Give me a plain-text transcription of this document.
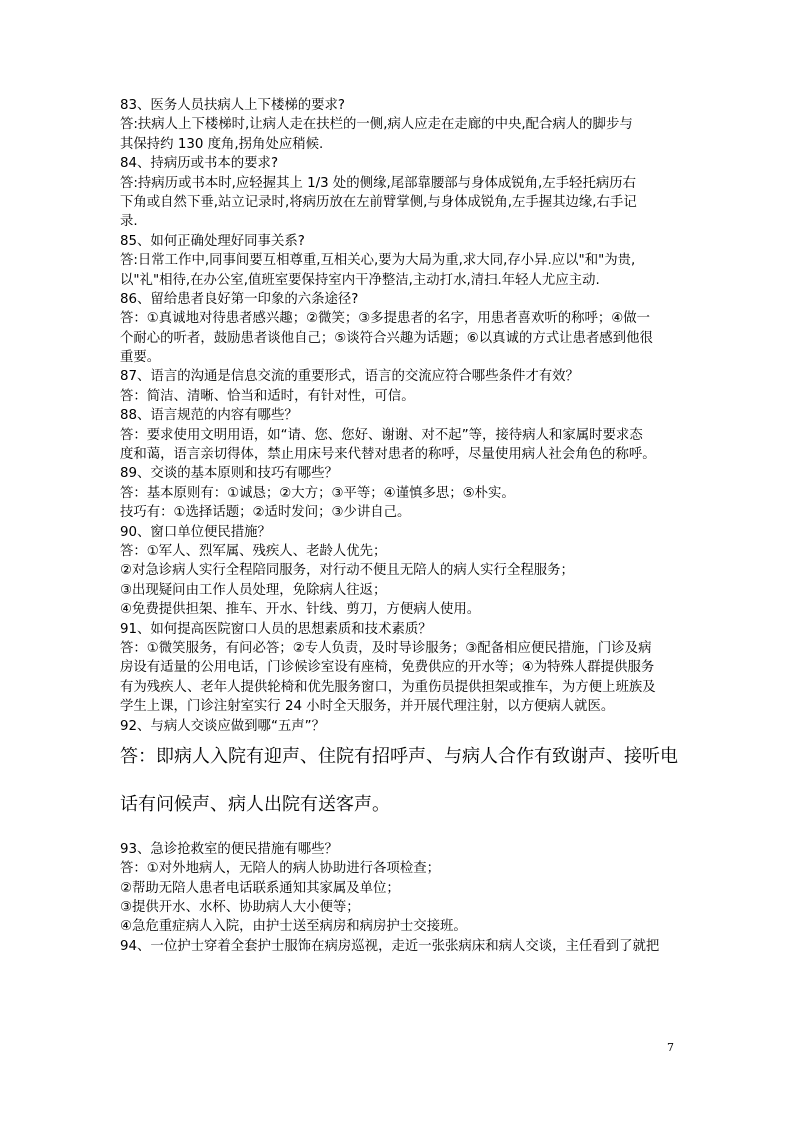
83、医务人员扶病人上下楼梯的要求?
答:扶病人上下楼梯时,让病人走在扶栏的一侧,病人应走在走廊的中央,配合病人的脚步与
其保持约 130 度角,拐角处应稍候.
84、持病历或书本的要求?
答:持病历或书本时,应轻握其上 1/3 处的侧缘,尾部靠腰部与身体成锐角,左手轻托病历右
下角或自然下垂,站立记录时,将病历放在左前臂掌侧,与身体成锐角,左手握其边缘,右手记
录.
85、如何正确处理好同事关系?
答:日常工作中,同事间要互相尊重,互相关心,要为大局为重,求大同,存小异.应以"和"为贵,
以"礼"相待,在办公室,值班室要保持室内干净整洁,主动打水,清扫.年轻人尤应主动.
86、留给患者良好第一印象的六条途径?
答：①真诚地对待患者感兴趣；②微笑；③多提患者的名字，用患者喜欢听的称呼；④做一
个耐心的听者，鼓励患者谈他自己；⑤谈符合兴趣为话题；⑥以真诚的方式让患者感到他很
重要。
87、语言的沟通是信息交流的重要形式，语言的交流应符合哪些条件才有效？
答：简洁、清晰、恰当和适时，有针对性，可信。
88、语言规范的内容有哪些？
答：要求使用文明用语，如“请、您、您好、谢谢、对不起”等，接待病人和家属时要求态
度和蔼，语言亲切得体，禁止用床号来代替对患者的称呼，尽量使用病人社会角色的称呼。
89、交谈的基本原则和技巧有哪些？
答：基本原则有：①诚恳；②大方；③平等；④谨慎多思；⑤朴实。
技巧有：①选择话题；②适时发问；③少讲自己。
90、窗口单位便民措施？
答：①军人、烈军属、残疾人、老龄人优先；
②对急诊病人实行全程陪同服务，对行动不便且无陪人的病人实行全程服务；
③出现疑问由工作人员处理，免除病人往返；
④免费提供担架、推车、开水、针线、剪刀，方便病人使用。
91、如何提高医院窗口人员的思想素质和技术素质？
答：①微笑服务，有问必答；②专人负责，及时导诊服务；③配备相应便民措施，门诊及病
房设有适量的公用电话，门诊候诊室设有座椅，免费供应的开水等；④为特殊人群提供服务
有为残疾人、老年人提供轮椅和优先服务窗口，为重伤员提供担架或推车，为方便上班族及
学生上课，门诊注射室实行 24 小时全天服务，并开展代理注射，以方便病人就医。
92、与病人交谈应做到哪“五声”？
答：即病人入院有迎声、住院有招呼声、与病人合作有致谢声、接听电
话有问候声、病人出院有送客声。
93、急诊抢救室的便民措施有哪些？
答：①对外地病人，无陪人的病人协助进行各项检查；
②帮助无陪人患者电话联系通知其家属及单位；
③提供开水、水杯、协助病人大小便等；
④急危重症病人入院，由护士送至病房和病房护士交接班。
94、一位护士穿着全套护士服饰在病房巡视，走近一张张病床和病人交谈，主任看到了就把
7
